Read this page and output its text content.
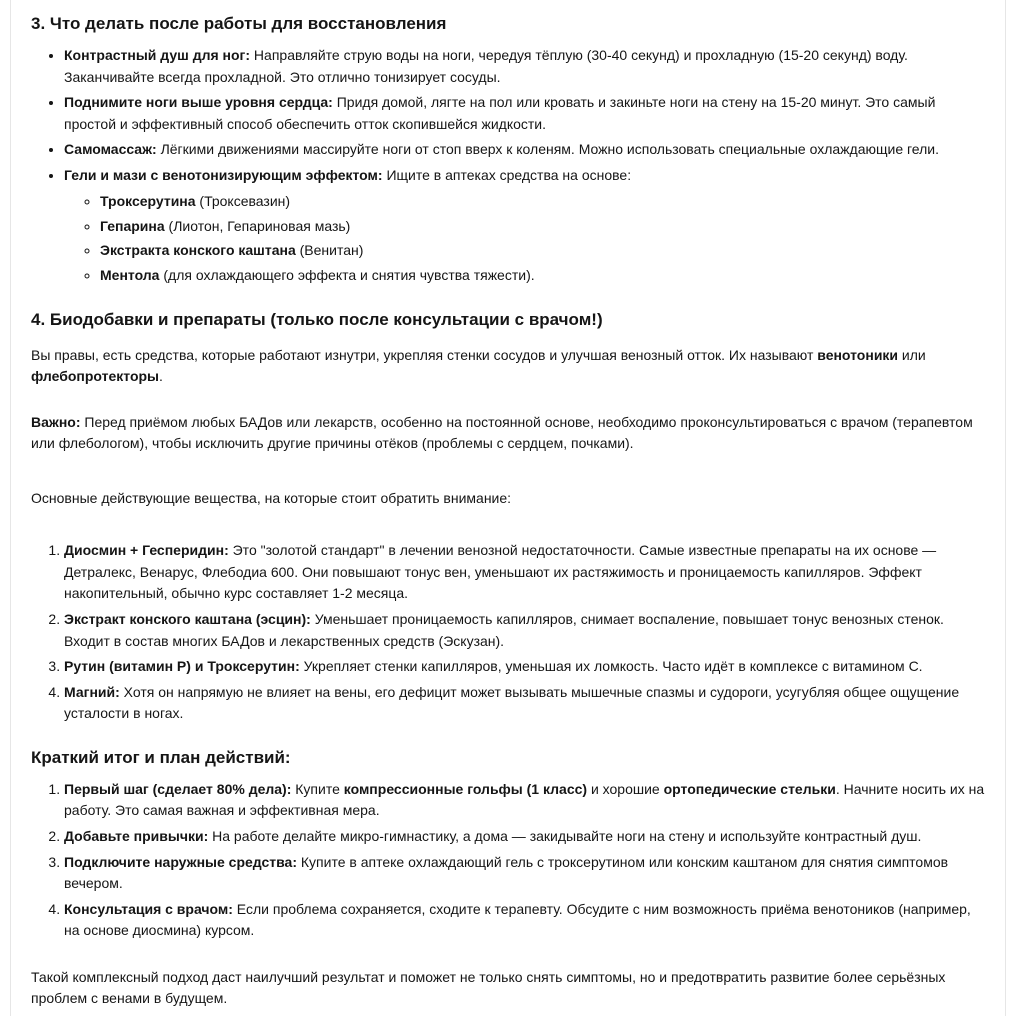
3. Что делать после работы для восстановления
• Контрастный душ для ног: Направляйте струю воды на ноги, чередуя тёплую (30-40 секунд) и прохладную (15-20 секунд) воду. Заканчивайте всегда прохладной. Это отлично тонизирует сосуды.
• Поднимите ноги выше уровня сердца: Придя домой, лягте на пол или кровать и закиньте ноги на стену на 15-20 минут. Это самый простой и эффективный способ обеспечить отток скопившейся жидкости.
• Самомассаж: Лёгкими движениями массируйте ноги от стоп вверх к коленям. Можно использовать специальные охлаждающие гели.
• Гели и мази с венотонизирующим эффектом: Ищите в аптеках средства на основе:
◦ Троксерутина (Троксевазин)
◦ Гепарина (Лиотон, Гепариновая мазь)
◦ Экстракта конского каштана (Венитан)
◦ Ментола (для охлаждающего эффекта и снятия чувства тяжести).
4. Биодобавки и препараты (только после консультации с врачом!)

Вы правы, есть средства, которые работают изнутри, укрепляя стенки сосудов и улучшая венозный отток. Их называют венотоники или флебопротекторы.

Важно: Перед приёмом любых БАДов или лекарств, особенно на постоянной основе, необходимо проконсультироваться с врачом (терапевтом или флебологом), чтобы исключить другие причины отёков (проблемы с сердцем, почками).

Основные действующие вещества, на которые стоит обратить внимание:

1. Диосмин + Гесперидин: Это "золотой стандарт" в лечении венозной недостаточности. Самые известные препараты на их основе — Детралекс, Венарус, Флебодиа 600. Они повышают тонус вен, уменьшают их растяжимость и проницаемость капилляров. Эффект накопительный, обычно курс составляет 1-2 месяца.
2. Экстракт конского каштана (эсцин): Уменьшает проницаемость капилляров, снимает воспаление, повышает тонус венозных стенок. Входит в состав многих БАДов и лекарственных средств (Эскузан).
3. Рутин (витамин Р) и Троксерутин: Укрепляет стенки капилляров, уменьшая их ломкость. Часто идёт в комплексе с витамином С.
4. Магний: Хотя он напрямую не влияет на вены, его дефицит может вызывать мышечные спазмы и судороги, усугубляя общее ощущение усталости в ногах.
Краткий итог и план действий:
1. Первый шаг (сделает 80% дела): Купите компрессионные гольфы (1 класс) и хорошие ортопедические стельки. Начните носить их на работу. Это самая важная и эффективная мера.
2. Добавьте привычки: На работе делайте микро-гимнастику, а дома — закидывайте ноги на стену и используйте контрастный душ.
3. Подключите наружные средства: Купите в аптеке охлаждающий гель с троксерутином или конским каштаном для снятия симптомов вечером.
4. Консультация с врачом: Если проблема сохраняется, сходите к терапевту. Обсудите с ним возможность приёма венотоников (например, на основе диосмина) курсом.

Такой комплексный подход даст наилучший результат и поможет не только снять симптомы, но и предотвратить развитие более серьёзных проблем с венами в будущем.
